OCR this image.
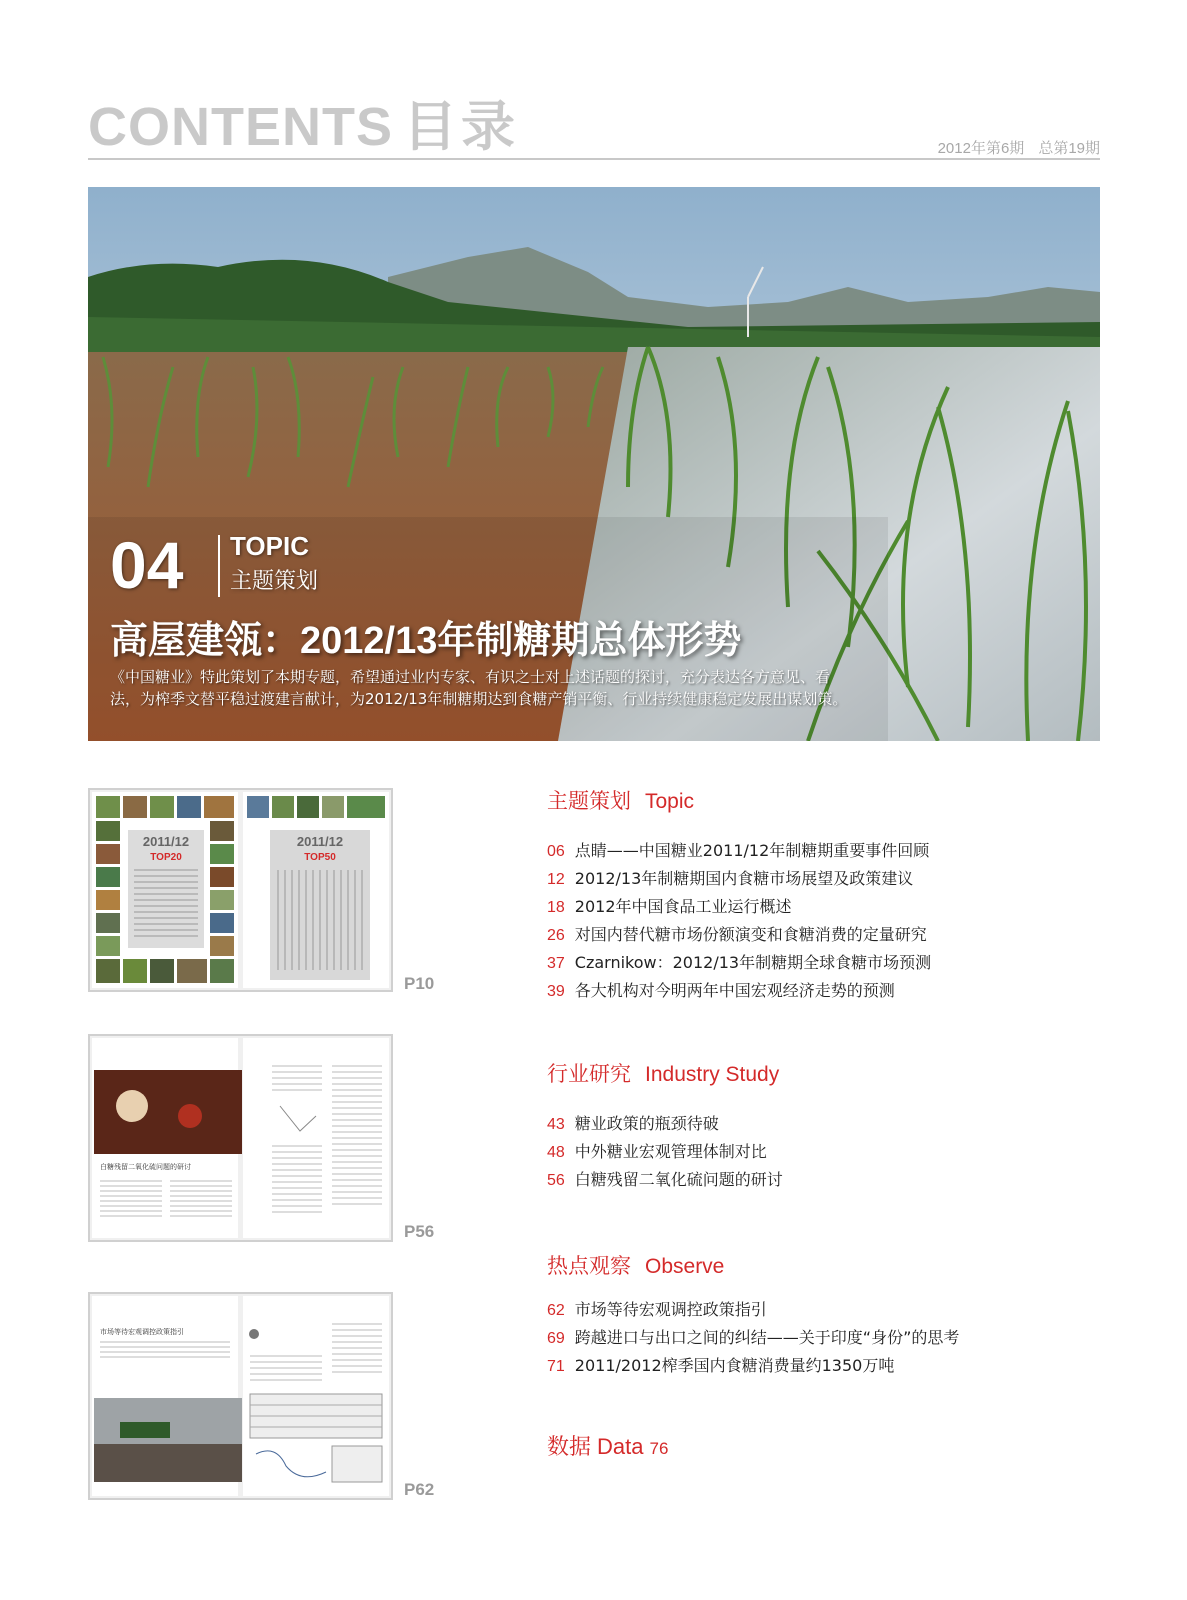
CONTENTS 目录	2012年第6期 总第19期
04 TOPIC
主题策划
高屋建瓴：2012/13年制糖期总体形势
《中国糖业》特此策划了本期专题，希望通过业内专家、有识之士对上述话题的探讨，充分表达各方意见、看法，为榨季文替平稳过渡建言献计，为2012/13年制糖期达到食糖产销平衡、行业持续健康稳定发展出谋划策。
2011/12
TOP20
2011/12
TOP50
P10
白糖残留二氧化硫问题的研讨
P56
市场等待宏观调控政策指引
P62
主题策划 Topic
06 点睛——中国糖业2011/12年制糖期重要事件回顾
12 2012/13年制糖期国内食糖市场展望及政策建议
18 2012年中国食品工业运行概述
26 对国内替代糖市场份额演变和食糖消费的定量研究
37 Czarnikow：2012/13年制糖期全球食糖市场预测
39 各大机构对今明两年中国宏观经济走势的预测
行业研究 Industry Study
43 糖业政策的瓶颈待破
48 中外糖业宏观管理体制对比
56 白糖残留二氧化硫问题的研讨
热点观察 Observe
62 市场等待宏观调控政策指引
69 跨越进口与出口之间的纠结——关于印度“身份”的思考
71 2011/2012榨季国内食糖消费量约1350万吨
数据 Data 76
